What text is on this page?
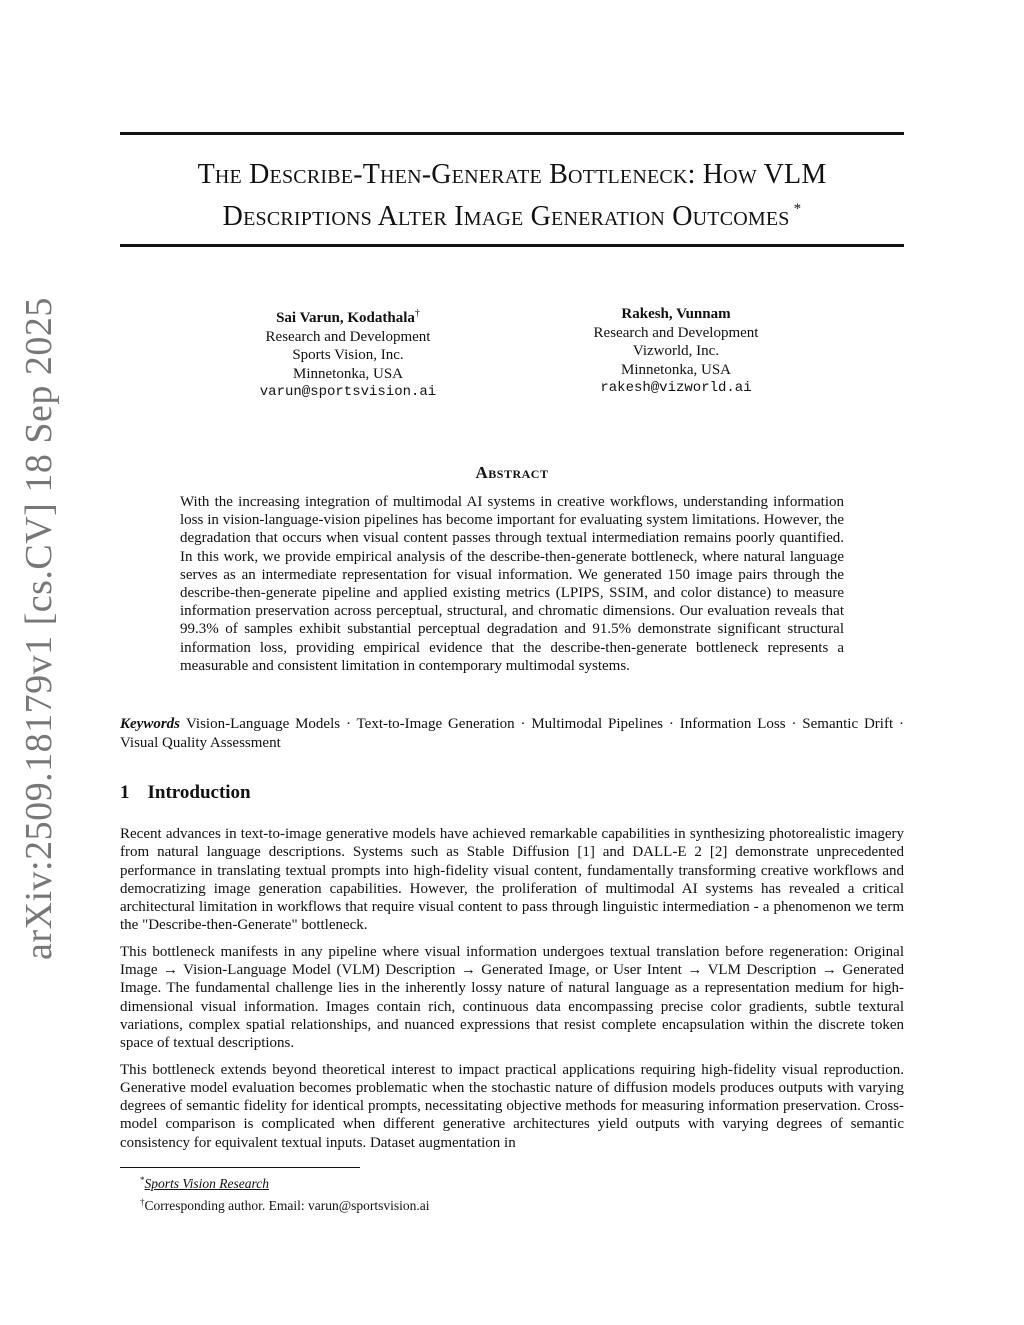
The Describe-Then-Generate Bottleneck: How VLM
Descriptions Alter Image Generation Outcomes *
Sai Varun, Kodathala†
Research and Development
Sports Vision, Inc.
Minnetonka, USA
varun@sportsvision.ai
Rakesh, Vunnam
Research and Development
Vizworld, Inc.
Minnetonka, USA
rakesh@vizworld.ai
arXiv:2509.18179v1 [cs.CV] 18 Sep 2025	Abstract
With the increasing integration of multimodal AI systems in creative workflows, understanding information loss in vision-language-vision pipelines has become important for evaluating system limitations. However, the degradation that occurs when visual content passes through textual intermediation remains poorly quantified. In this work, we provide empirical analysis of the describe-then-generate bottleneck, where natural language serves as an intermediate representation for visual information. We generated 150 image pairs through the describe-then-generate pipeline and applied existing metrics (LPIPS, SSIM, and color distance) to measure information preservation across perceptual, structural, and chromatic dimensions. Our evaluation reveals that 99.3% of samples exhibit substantial perceptual degradation and 91.5% demonstrate significant structural information loss, providing empirical evidence that the describe-then-generate bottleneck represents a measurable and consistent limitation in contemporary multimodal systems.
Keywords Vision-Language Models · Text-to-Image Generation · Multimodal Pipelines · Information Loss · Semantic Drift · Visual Quality Assessment
1 Introduction

Recent advances in text-to-image generative models have achieved remarkable capabilities in synthesizing photorealistic imagery from natural language descriptions. Systems such as Stable Diffusion [1] and DALL-E 2 [2] demonstrate unprecedented performance in translating textual prompts into high-fidelity visual content, fundamentally transforming creative workflows and democratizing image generation capabilities. However, the proliferation of multimodal AI systems has revealed a critical architectural limitation in workflows that require visual content to pass through linguistic intermediation - a phenomenon we term the "Describe-then-Generate" bottleneck.

This bottleneck manifests in any pipeline where visual information undergoes textual translation before regeneration: Original Image → Vision-Language Model (VLM) Description → Generated Image, or User Intent → VLM Description → Generated Image. The fundamental challenge lies in the inherently lossy nature of natural language as a representation medium for high-dimensional visual information. Images contain rich, continuous data encompassing precise color gradients, subtle textural variations, complex spatial relationships, and nuanced expressions that resist complete encapsulation within the discrete token space of textual descriptions.

This bottleneck extends beyond theoretical interest to impact practical applications requiring high-fidelity visual reproduction. Generative model evaluation becomes problematic when the stochastic nature of diffusion models produces outputs with varying degrees of semantic fidelity for identical prompts, necessitating objective methods for measuring information preservation. Cross-model comparison is complicated when different generative architectures yield outputs with varying degrees of semantic consistency for equivalent textual inputs. Dataset augmentation in

*Sports Vision Research
†Corresponding author. Email: varun@sportsvision.ai
